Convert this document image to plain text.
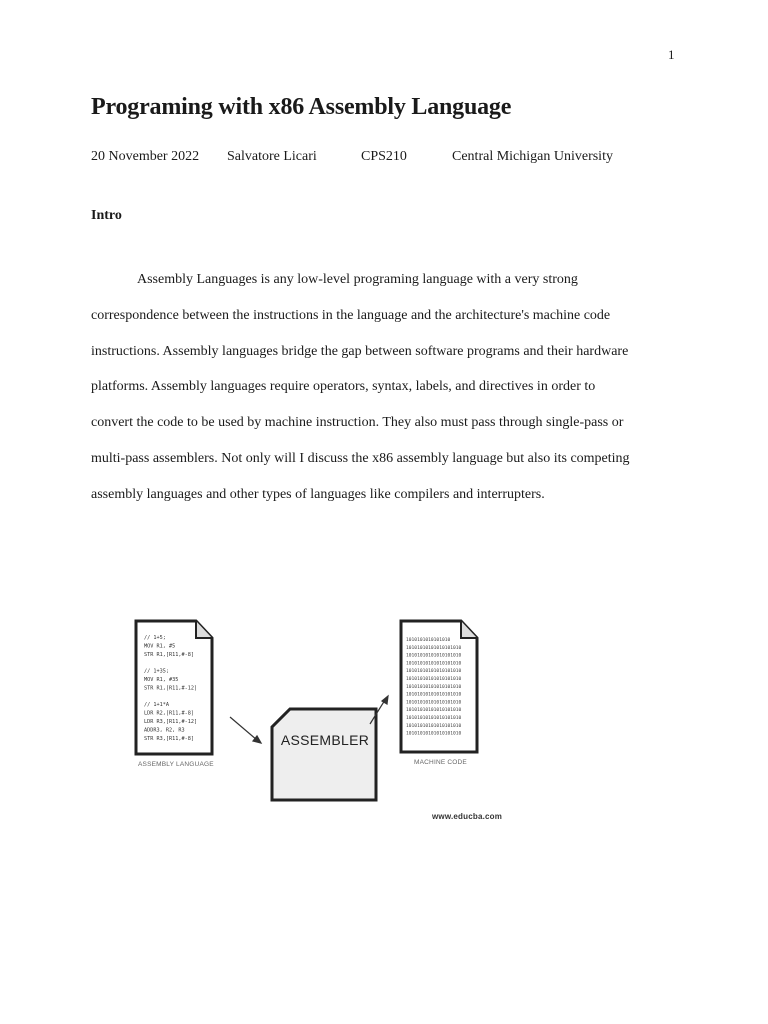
1
Programing with x86 Assembly Language
20 November 2022 Salvatore Licari	CPS210	Central Michigan University
Intro
Assembly Languages is any low-level programing language with a very strong
correspondence between the instructions in the language and the architecture's machine code
instructions. Assembly languages bridge the gap between software programs and their hardware
platforms. Assembly languages require operators, syntax, labels, and directives in order to
convert the code to be used by machine instruction. They also must pass through single-pass or
multi-pass assemblers. Not only will I discuss the x86 assembly language but also its competing
assembly languages and other types of languages like compilers and interrupters.
// 1+5;
MOV R1, #5
STR R1,[R11,#-8]
// 1+35;
MOV R1, #35
STR R1,[R11,#-12]
// 1+1*A
LDR R2,[R11,#-8]
LDR R3,[R11,#-12]
ADDR3, R2, R3
STR R3,[R11,#-8]
1010101010101010
10101010101010101010
10101010101010101010
10101010101010101010
10101010101010101010
10101010101010101010
10101010101010101010
10101010101010101010
10101010101010101010
10101010101010101010
10101010101010101010
10101010101010101010
10101010101010101010
ASSEMBLER
ASSEMBLY LANGUAGE	MACHINE CODE
www.educba.com
